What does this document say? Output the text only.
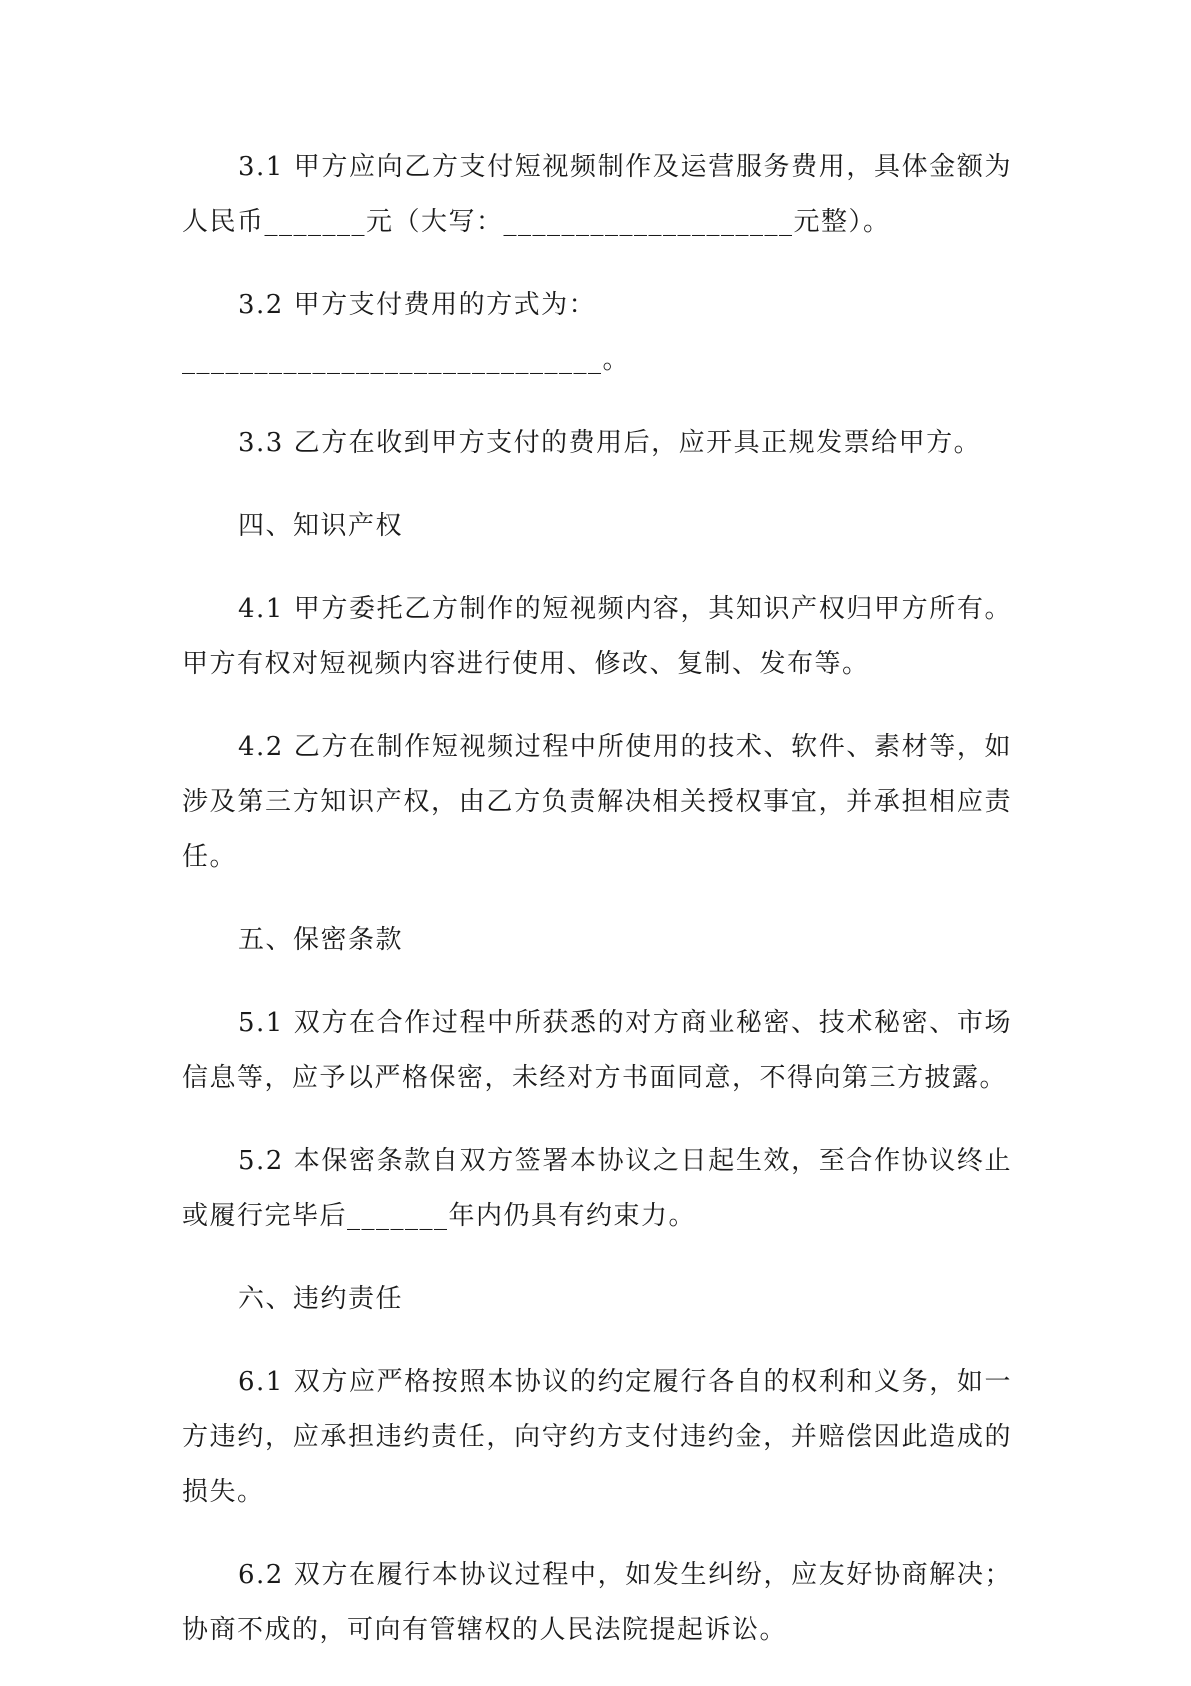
3.1 甲方应向乙方支付短视频制作及运营服务费用，具体金额为人民币_______元（大写：____________________元整）。

3.2 甲方支付费用的方式为：
_____________________________。

3.3 乙方在收到甲方支付的费用后，应开具正规发票给甲方。

四、知识产权

4.1 甲方委托乙方制作的短视频内容，其知识产权归甲方所有。甲方有权对短视频内容进行使用、修改、复制、发布等。

4.2 乙方在制作短视频过程中所使用的技术、软件、素材等，如涉及第三方知识产权，由乙方负责解决相关授权事宜，并承担相应责任。

五、保密条款

5.1 双方在合作过程中所获悉的对方商业秘密、技术秘密、市场信息等，应予以严格保密，未经对方书面同意，不得向第三方披露。

5.2 本保密条款自双方签署本协议之日起生效，至合作协议终止或履行完毕后_______年内仍具有约束力。

六、违约责任

6.1 双方应严格按照本协议的约定履行各自的权利和义务，如一方违约，应承担违约责任，向守约方支付违约金，并赔偿因此造成的损失。

6.2 双方在履行本协议过程中，如发生纠纷，应友好协商解决；协商不成的，可向有管辖权的人民法院提起诉讼。
